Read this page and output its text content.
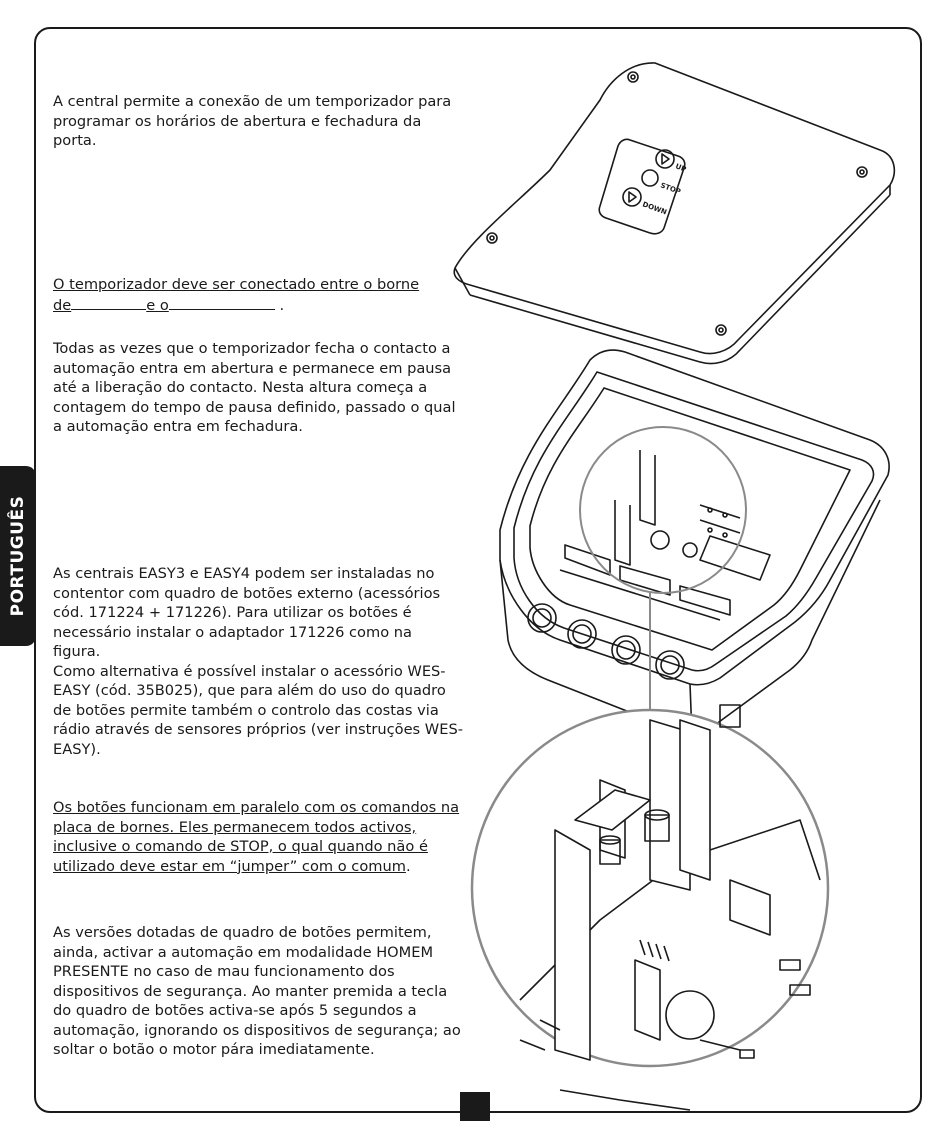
PORTUGUÊS

A central permite a conexão de um temporizador para programar os horários de abertura e fechadura da porta.

O temporizador deve ser conectado entre o borne

de	e o	.

Todas as vezes que o temporizador fecha o contacto a automação entra em abertura e permanece em pausa até a liberação do contacto. Nesta altura começa a contagem do tempo de pausa definido, passado o qual a automação entra em fechadura.

As centrais EASY3 e EASY4 podem ser instaladas no contentor com quadro de botões externo (acessórios cód. 171224 + 171226). Para utilizar os botões é necessário instalar o adaptador 171226 como na figura.

Como alternativa é possível instalar o acessório WES-EASY (cód. 35B025), que para além do uso do quadro de botões permite também o controlo das costas via rádio através de sensores próprios (ver instruções WES-EASY).

Os botões funcionam em paralelo com os comandos na placa de bornes. Eles permanecem todos activos, inclusive o comando de STOP, o qual quando não é utilizado deve estar em “jumper” com o comum.

As versões dotadas de quadro de botões permitem, ainda, activar a automação em modalidade HOMEM PRESENTE no caso de mau funcionamento dos dispositivos de segurança. Ao manter premida a tecla do quadro de botões activa-se após 5 segundos a automação, ignorando os dispositivos de segurança; ao soltar o botão o motor pára imediatamente.

UP
STOP
DOWN
